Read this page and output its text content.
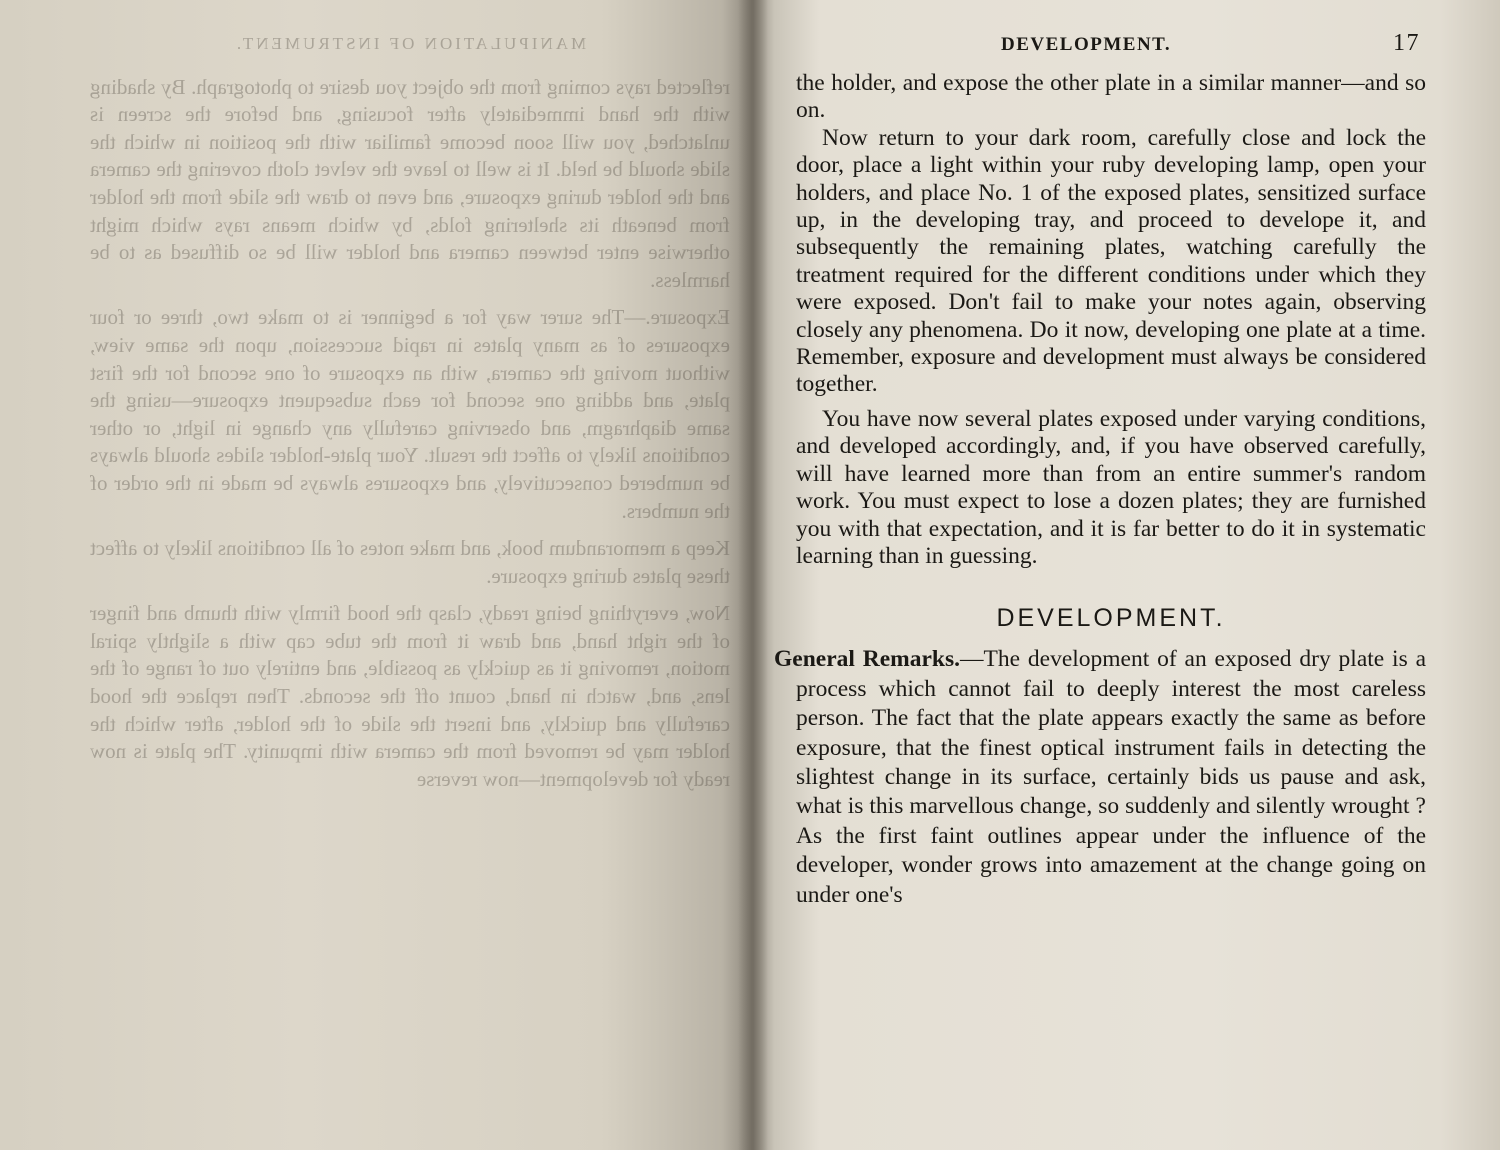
MANIPULATION OF INSTRUMENT.

reflected rays coming from the object you desire to photograph. By shading with the hand immediately after focusing, and before the screen is unlatched, you will soon become familiar with the position in which the slide should be held. It is well to leave the velvet cloth covering the camera and the holder during exposure, and even to draw the slide from the holder from beneath its sheltering folds, by which means rays which might otherwise enter between camera and holder will be so diffused as to be harmless.

Exposure.—The surer way for a beginner is to make two, three or four exposures of as many plates in rapid succession, upon the same view, without moving the camera, with an exposure of one second for the first plate, and adding one second for each subsequent exposure—using the same diaphragm, and observing carefully any change in light, or other conditions likely to affect the result. Your plate-holder slides should always be numbered consecutively, and exposures always be made in the order of the numbers.

Keep a memorandum book, and make notes of all conditions likely to affect these plates during exposure.

Now, everything being ready, clasp the hood firmly with thumb and finger of the right hand, and draw it from the tube cap with a slightly spiral motion, removing it as quickly as possible, and entirely out of range of the lens, and, watch in hand, count off the seconds. Then replace the hood carefully and quickly, and insert the slide of the holder, after which the holder may be removed from the camera with impunity. The plate is now ready for development—now reverse

DEVELOPMENT.	17

the holder, and expose the other plate in a similar manner—and so on.

Now return to your dark room, carefully close and lock the door, place a light within your ruby developing lamp, open your holders, and place No. 1 of the exposed plates, sensitized surface up, in the developing tray, and proceed to develope it, and subsequently the remaining plates, watching carefully the treatment required for the different conditions under which they were exposed. Don't fail to make your notes again, observing closely any phenomena. Do it now, developing one plate at a time. Remember, exposure and development must always be considered together.

You have now several plates exposed under varying conditions, and developed accordingly, and, if you have observed carefully, will have learned more than from an entire summer's random work. You must expect to lose a dozen plates; they are furnished you with that expectation, and it is far better to do it in systematic learning than in guessing.

DEVELOPMENT.

General Remarks.—The development of an exposed dry plate is a process which cannot fail to deeply interest the most careless person. The fact that the plate appears exactly the same as before exposure, that the finest optical instrument fails in detecting the slightest change in its surface, certainly bids us pause and ask, what is this marvellous change, so suddenly and silently wrought ? As the first faint outlines appear under the influence of the developer, wonder grows into amazement at the change going on under one's
